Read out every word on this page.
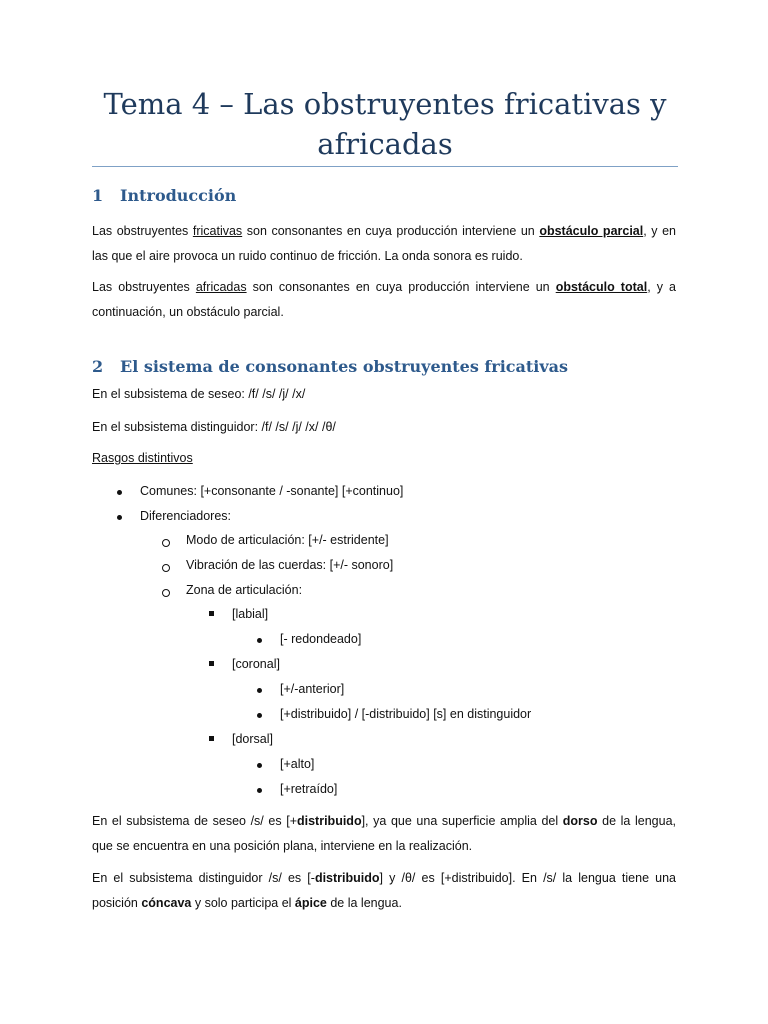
Tema 4 – Las obstruyentes fricativas y africadas
1 Introducción

Las obstruyentes fricativas son consonantes en cuya producción interviene un obstáculo parcial, y en las que el aire provoca un ruido continuo de fricción. La onda sonora es ruido.

Las obstruyentes africadas son consonantes en cuya producción interviene un obstáculo total, y a continuación, un obstáculo parcial.

2 El sistema de consonantes obstruyentes fricativas
En el subsistema de seseo: /f/ /s/ /j/ /x/
En el subsistema distinguidor: /f/ /s/ /j/ /x/ /θ/
Rasgos distintivos
Comunes: [+consonante / -sonante] [+continuo]
Diferenciadores:
Modo de articulación: [+/- estridente]
Vibración de las cuerdas: [+/- sonoro]
Zona de articulación:
[labial]
[- redondeado]
[coronal]
[+/-anterior]
[+distribuido] / [-distribuido] [s] en distinguidor
[dorsal]
[+alto]
[+retraído]

En el subsistema de seseo /s/ es [+distribuido], ya que una superficie amplia del dorso de la lengua, que se encuentra en una posición plana, interviene en la realización.

En el subsistema distinguidor /s/ es [-distribuido] y /θ/ es [+distribuido]. En /s/ la lengua tiene una posición cóncava y solo participa el ápice de la lengua.
